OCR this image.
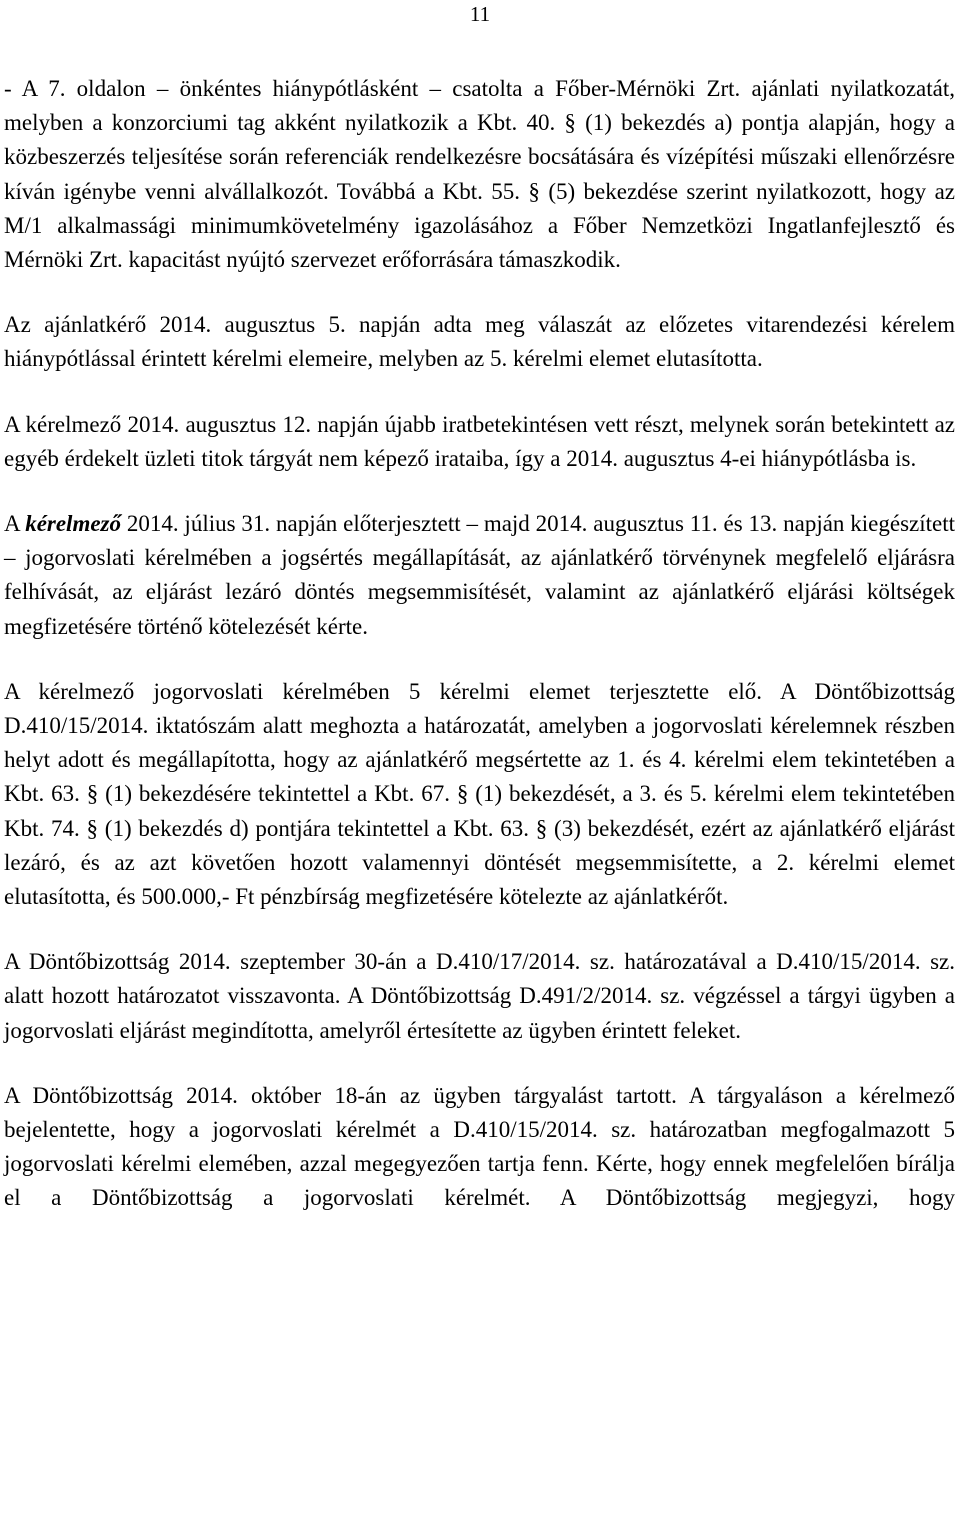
11

- A 7. oldalon – önkéntes hiánypótlásként – csatolta a Főber-Mérnöki Zrt. ajánlati nyilatkozatát, melyben a konzorciumi tag akként nyilatkozik a Kbt. 40. § (1) bekezdés a) pontja alapján, hogy a közbeszerzés teljesítése során referenciák rendelkezésre bocsátására és vízépítési műszaki ellenőrzésre kíván igénybe venni alvállalkozót. Továbbá a Kbt. 55. § (5) bekezdése szerint nyilatkozott, hogy az M/1 alkalmassági minimumkövetelmény igazolásához a Főber Nemzetközi Ingatlanfejlesztő és Mérnöki Zrt. kapacitást nyújtó szervezet erőforrására támaszkodik.

Az ajánlatkérő 2014. augusztus 5. napján adta meg válaszát az előzetes vitarendezési kérelem hiánypótlással érintett kérelmi elemeire, melyben az 5. kérelmi elemet elutasította.

A kérelmező 2014. augusztus 12. napján újabb iratbetekintésen vett részt, melynek során betekintett az egyéb érdekelt üzleti titok tárgyát nem képező irataiba, így a 2014. augusztus 4-ei hiánypótlásba is.

A kérelmező 2014. július 31. napján előterjesztett – majd 2014. augusztus 11. és 13. napján kiegészített – jogorvoslati kérelmében a jogsértés megállapítását, az ajánlatkérő törvénynek megfelelő eljárásra felhívását, az eljárást lezáró döntés megsemmisítését, valamint az ajánlatkérő eljárási költségek megfizetésére történő kötelezését kérte.

A kérelmező jogorvoslati kérelmében 5 kérelmi elemet terjesztette elő. A Döntőbizottság D.410/15/2014. iktatószám alatt meghozta a határozatát, amelyben a jogorvoslati kérelemnek részben helyt adott és megállapította, hogy az ajánlatkérő megsértette az 1. és 4. kérelmi elem tekintetében a Kbt. 63. § (1) bekezdésére tekintettel a Kbt. 67. § (1) bekezdését, a 3. és 5. kérelmi elem tekintetében Kbt. 74. § (1) bekezdés d) pontjára tekintettel a Kbt. 63. § (3) bekezdését, ezért az ajánlatkérő eljárást lezáró, és az azt követően hozott valamennyi döntését megsemmisítette, a 2. kérelmi elemet elutasította, és 500.000,- Ft pénzbírság megfizetésére kötelezte az ajánlatkérőt.

A Döntőbizottság 2014. szeptember 30-án a D.410/17/2014. sz. határozatával a D.410/15/2014. sz. alatt hozott határozatot visszavonta. A Döntőbizottság D.491/2/2014. sz. végzéssel a tárgyi ügyben a jogorvoslati eljárást megindította, amelyről értesítette az ügyben érintett feleket.

A Döntőbizottság 2014. október 18-án az ügyben tárgyalást tartott. A tárgyaláson a kérelmező bejelentette, hogy a jogorvoslati kérelmét a D.410/15/2014. sz. határozatban megfogalmazott 5 jogorvoslati kérelmi elemében, azzal megegyezően tartja fenn. Kérte, hogy ennek megfelelően bírálja el a Döntőbizottság a jogorvoslati kérelmét. A Döntőbizottság megjegyzi, hogy
